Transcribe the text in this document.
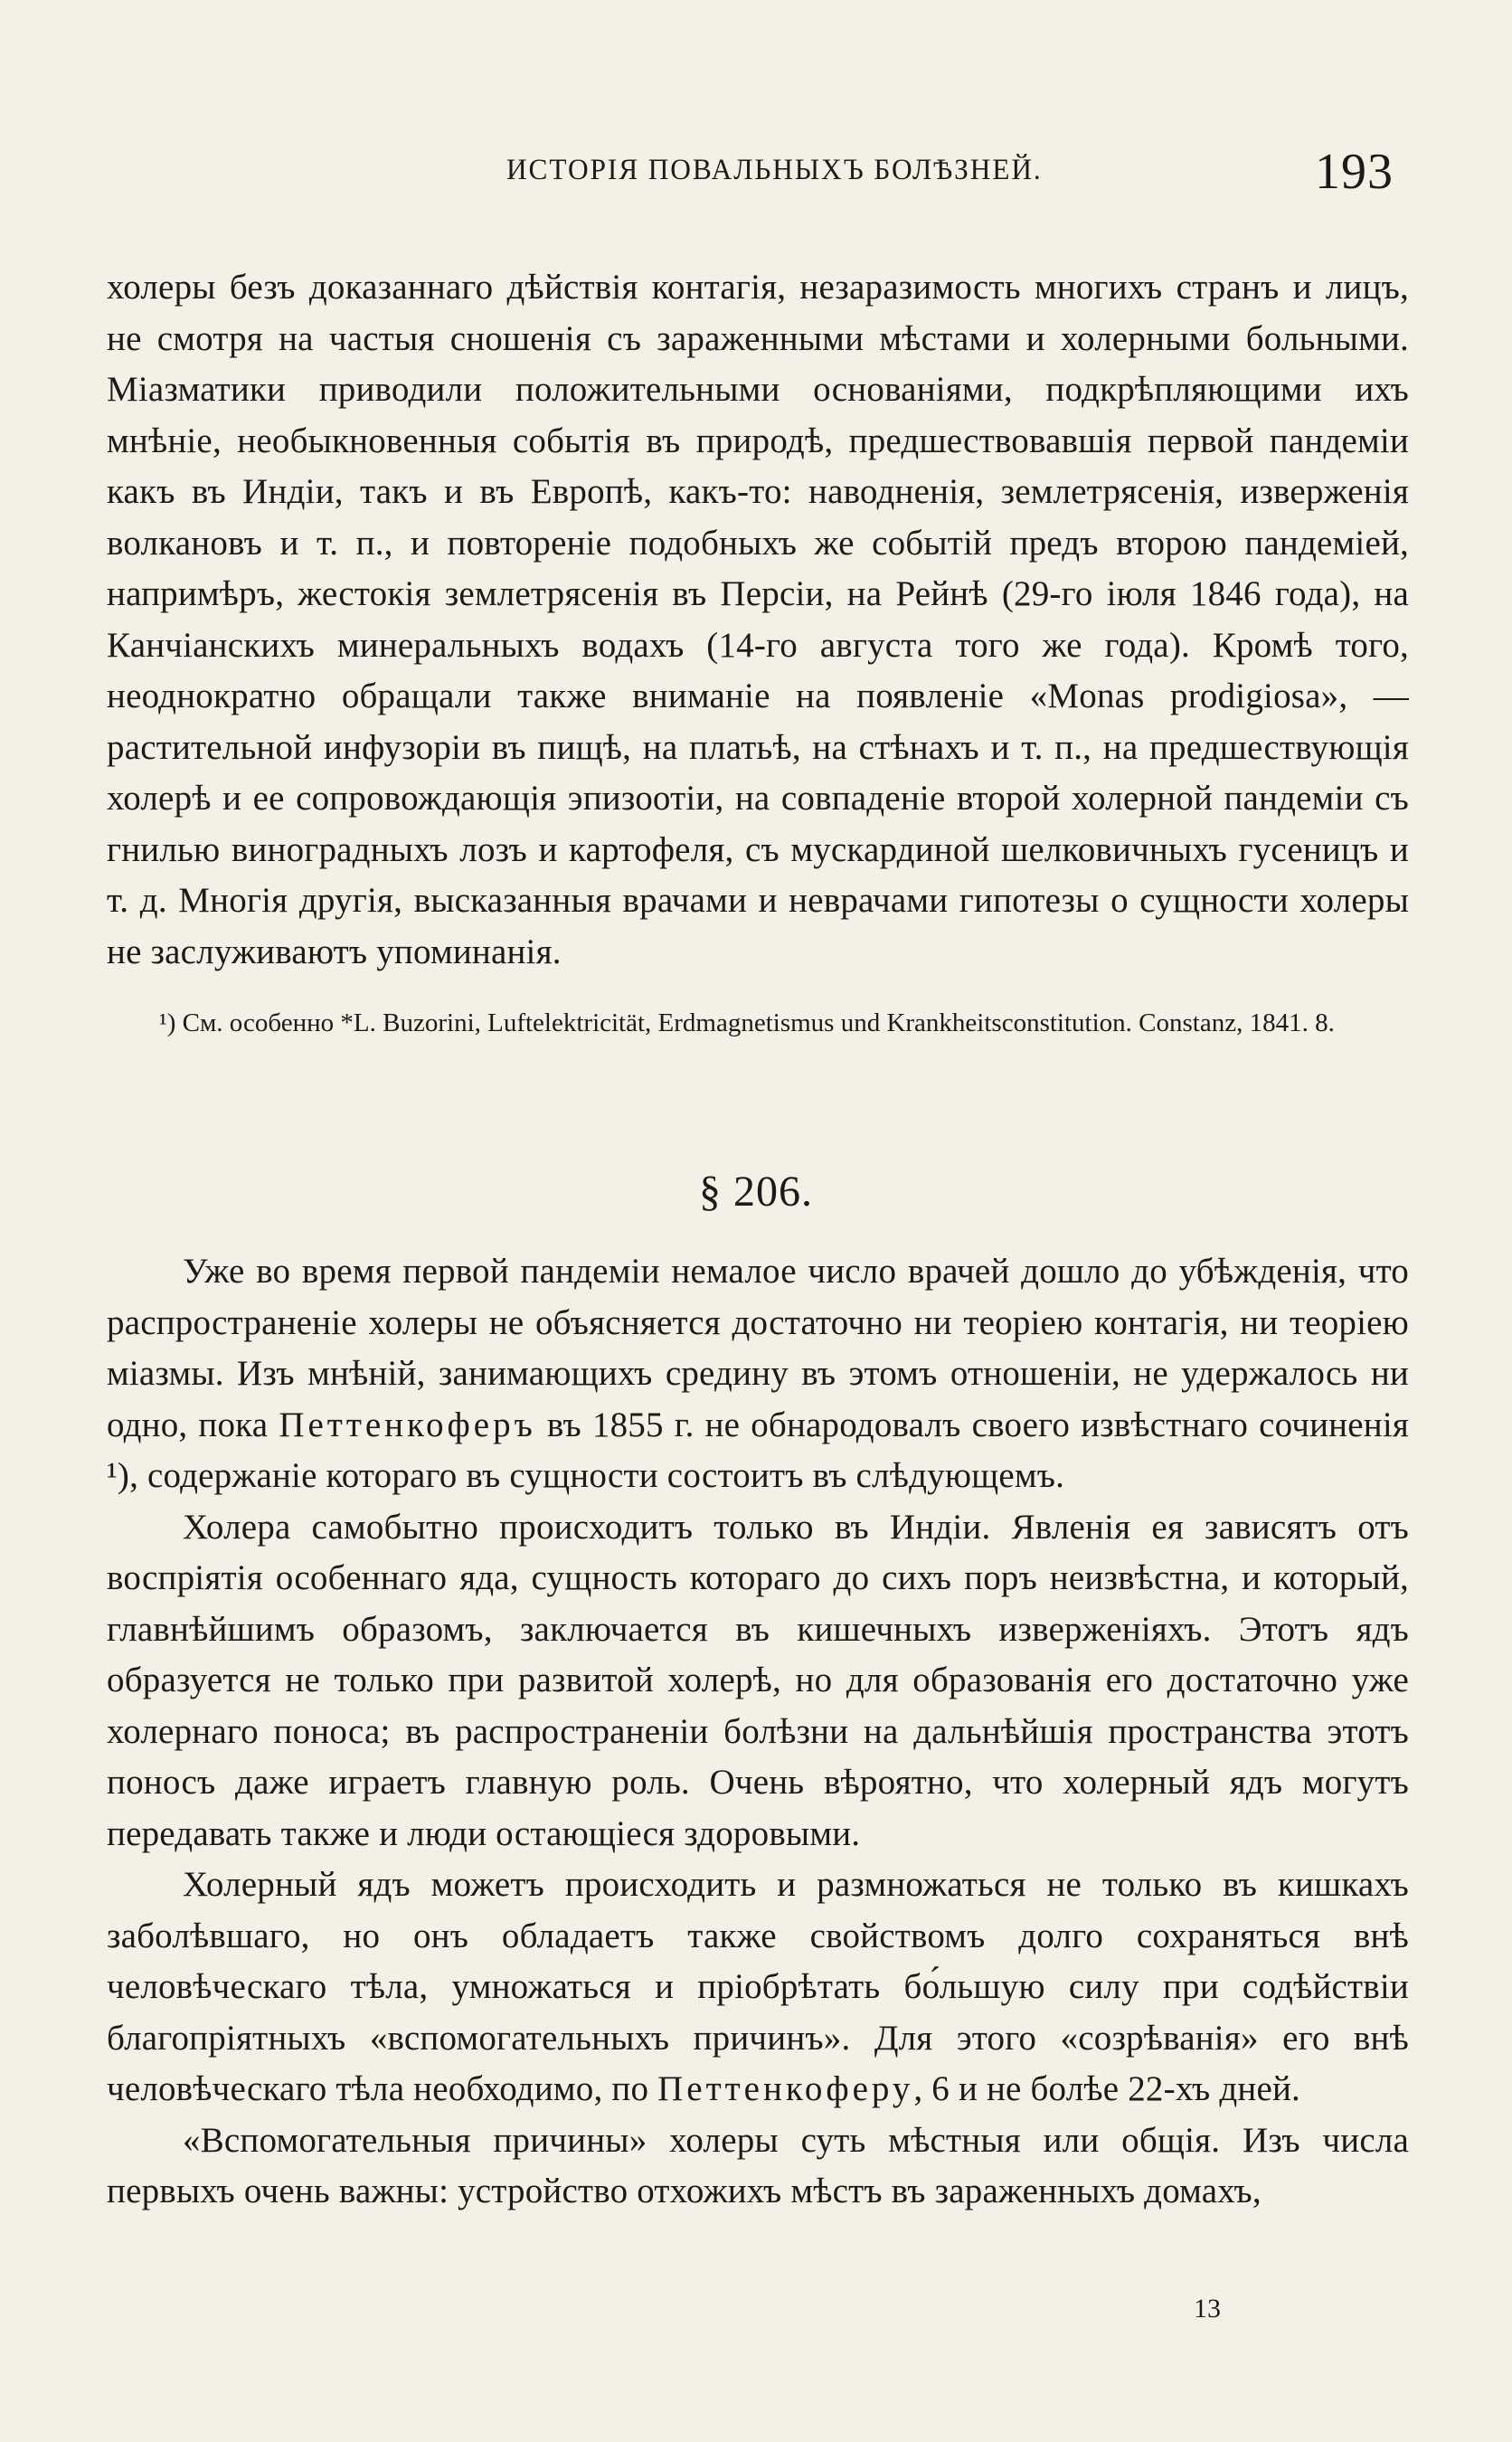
ИСТОРІЯ ПОВАЛЬНЫХЪ БОЛѢЗНЕЙ.	193

холеры безъ доказаннаго дѣйствія контагія, незаразимость многихъ странъ и лицъ, не смотря на частыя сношенія съ зараженными мѣстами и холерными больными. Міазматики приводили положительными основаніями, подкрѣпляющими ихъ мнѣніе, необыкновенныя событія въ природѣ, предшествовавшія первой пандеміи какъ въ Индіи, такъ и въ Европѣ, какъ-то: наводненія, землетрясенія, изверженія волкановъ и т. п., и повтореніе подобныхъ же событій предъ второю пандеміей, напримѣръ, жестокія землетрясенія въ Персіи, на Рейнѣ (29-го іюля 1846 года), на Канчіанскихъ минеральныхъ водахъ (14-го августа того же года). Кромѣ того, неоднократно обращали также вниманіе на появленіе «Monas prodigiosa», — растительной инфузоріи въ пищѣ, на платьѣ, на стѣнахъ и т. п., на предшествующія холерѣ и ее сопровождающія эпизоотіи, на совпаденіе второй холерной пандеміи съ гнилью виноградныхъ лозъ и картофеля, съ мускардиной шелковичныхъ гусеницъ и т. д. Многія другія, высказанныя врачами и неврачами гипотезы о сущности холеры не заслуживаютъ упоминанія.

¹) См. особенно *L. Buzorini, Luftelektricität, Erdmagnetismus und Krankheitsconstitution. Constanz, 1841. 8.
§ 206.

Уже во время первой пандеміи немалое число врачей дошло до убѣжденія, что распространеніе холеры не объясняется достаточно ни теоріею контагія, ни теоріею міазмы. Изъ мнѣній, занимающихъ средину въ этомъ отношеніи, не удержалось ни одно, пока Петтенкоферъ въ 1855 г. не обнародовалъ своего извѣстнаго сочиненія ¹), содержаніе котораго въ сущности состоитъ въ слѣдующемъ.

Холера самобытно происходитъ только въ Индіи. Явленія ея зависятъ отъ воспріятія особеннаго яда, сущность котораго до сихъ поръ неизвѣстна, и который, главнѣйшимъ образомъ, заключается въ кишечныхъ изверженіяхъ. Этотъ ядъ образуется не только при развитой холерѣ, но для образованія его достаточно уже холернаго поноса; въ распространеніи болѣзни на дальнѣйшія пространства этотъ поносъ даже играетъ главную роль. Очень вѣроятно, что холерный ядъ могутъ передавать также и люди остающіеся здоровыми.

Холерный ядъ можетъ происходить и размножаться не только въ кишкахъ заболѣвшаго, но онъ обладаетъ также свойствомъ долго сохраняться внѣ человѣческаго тѣла, умножаться и пріобрѣтать бо́льшую силу при содѣйствіи благопріятныхъ «вспомогательныхъ причинъ». Для этого «созрѣванія» его внѣ человѣческаго тѣла необходимо, по Петтенкоферу, 6 и не болѣе 22-хъ дней.

«Вспомогательныя причины» холеры суть мѣстныя или общія. Изъ числа первыхъ очень важны: устройство отхожихъ мѣстъ въ зараженныхъ домахъ,

13
